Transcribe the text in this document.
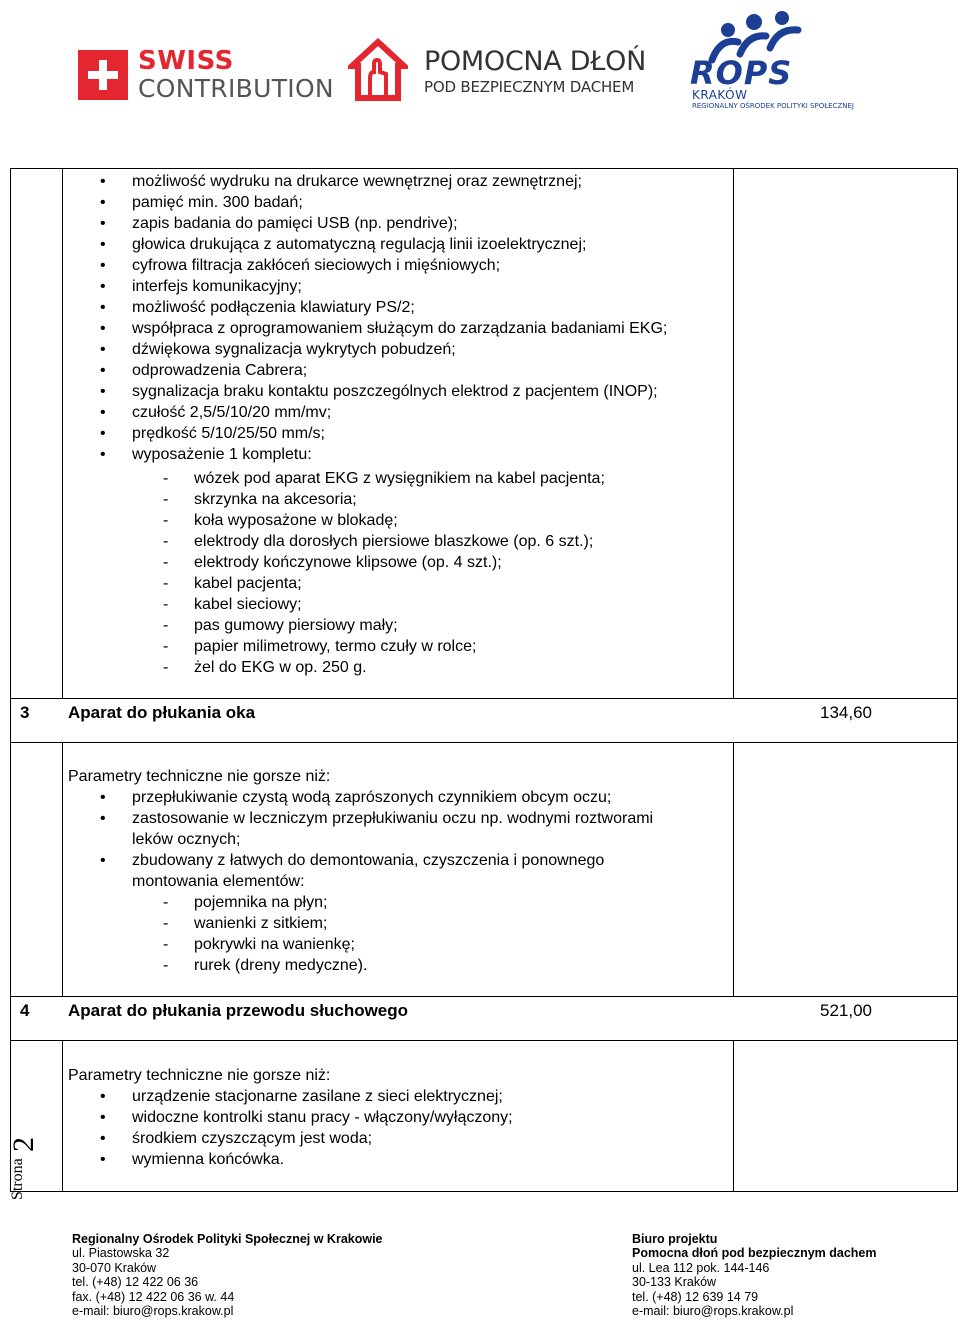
SWISS
CONTRIBUTION
POMOCNA DŁOŃ
POD BEZPIECZNYM DACHEM ROPS
KRAKÓW
REGIONALNY OŚRODEK POLITYKI SPOŁECZNEJ
• możliwość wydruku na drukarce wewnętrznej oraz zewnętrznej;
• pamięć min. 300 badań;
• zapis badania do pamięci USB (np. pendrive);
• głowica drukująca z automatyczną regulacją linii izoelektrycznej;
• cyfrowa filtracja zakłóceń sieciowych i mięśniowych;
• interfejs komunikacyjny;
• możliwość podłączenia klawiatury PS/2;
• współpraca z oprogramowaniem służącym do zarządzania badaniami EKG;
• dźwiękowa sygnalizacja wykrytych pobudzeń;
• odprowadzenia Cabrera;
• sygnalizacja braku kontaktu poszczególnych elektrod z pacjentem (INOP);
• czułość 2,5/5/10/20 mm/mv;
• prędkość 5/10/25/50 mm/s;
• wyposażenie 1 kompletu:
- wózek pod aparat EKG z wysięgnikiem na kabel pacjenta;
- skrzynka na akcesoria;
- koła wyposażone w blokadę;
- elektrody dla dorosłych piersiowe blaszkowe (op. 6 szt.);
- elektrody kończynowe klipsowe (op. 4 szt.);
- kabel pacjenta;
- kabel sieciowy;
- pas gumowy piersiowy mały;
- papier milimetrowy, termo czuły w rolce;
- żel do EKG w op. 250 g.
3 Aparat do płukania oka	134,60
Parametry techniczne nie gorsze niż:
• przepłukiwanie czystą wodą zaprószonych czynnikiem obcym oczu;
• zastosowanie w leczniczym przepłukiwaniu oczu np. wodnymi roztworami
leków ocznych;
• zbudowany z łatwych do demontowania, czyszczenia i ponownego
montowania elementów:
- pojemnika na płyn;
- wanienki z sitkiem;
- pokrywki na wanienkę;
- rurek (dreny medyczne).
4 Aparat do płukania przewodu słuchowego	521,00
Parametry techniczne nie gorsze niż:
• urządzenie stacjonarne zasilane z sieci elektrycznej;
• widoczne kontrolki stanu pracy - włączony/wyłączony;
• środkiem czyszczącym jest woda;
• wymienna końcówka.
Strona
2
Regionalny Ośrodek Polityki Społecznej w Krakowie
ul. Piastowska 32
30-070 Kraków
tel. (+48) 12 422 06 36
fax. (+48) 12 422 06 36 w. 44
e-mail: biuro@rops.krakow.pl
Biuro projektu
Pomocna dłoń pod bezpiecznym dachem
ul. Lea 112 pok. 144-146
30-133 Kraków
tel. (+48) 12 639 14 79
e-mail: biuro@rops.krakow.pl
